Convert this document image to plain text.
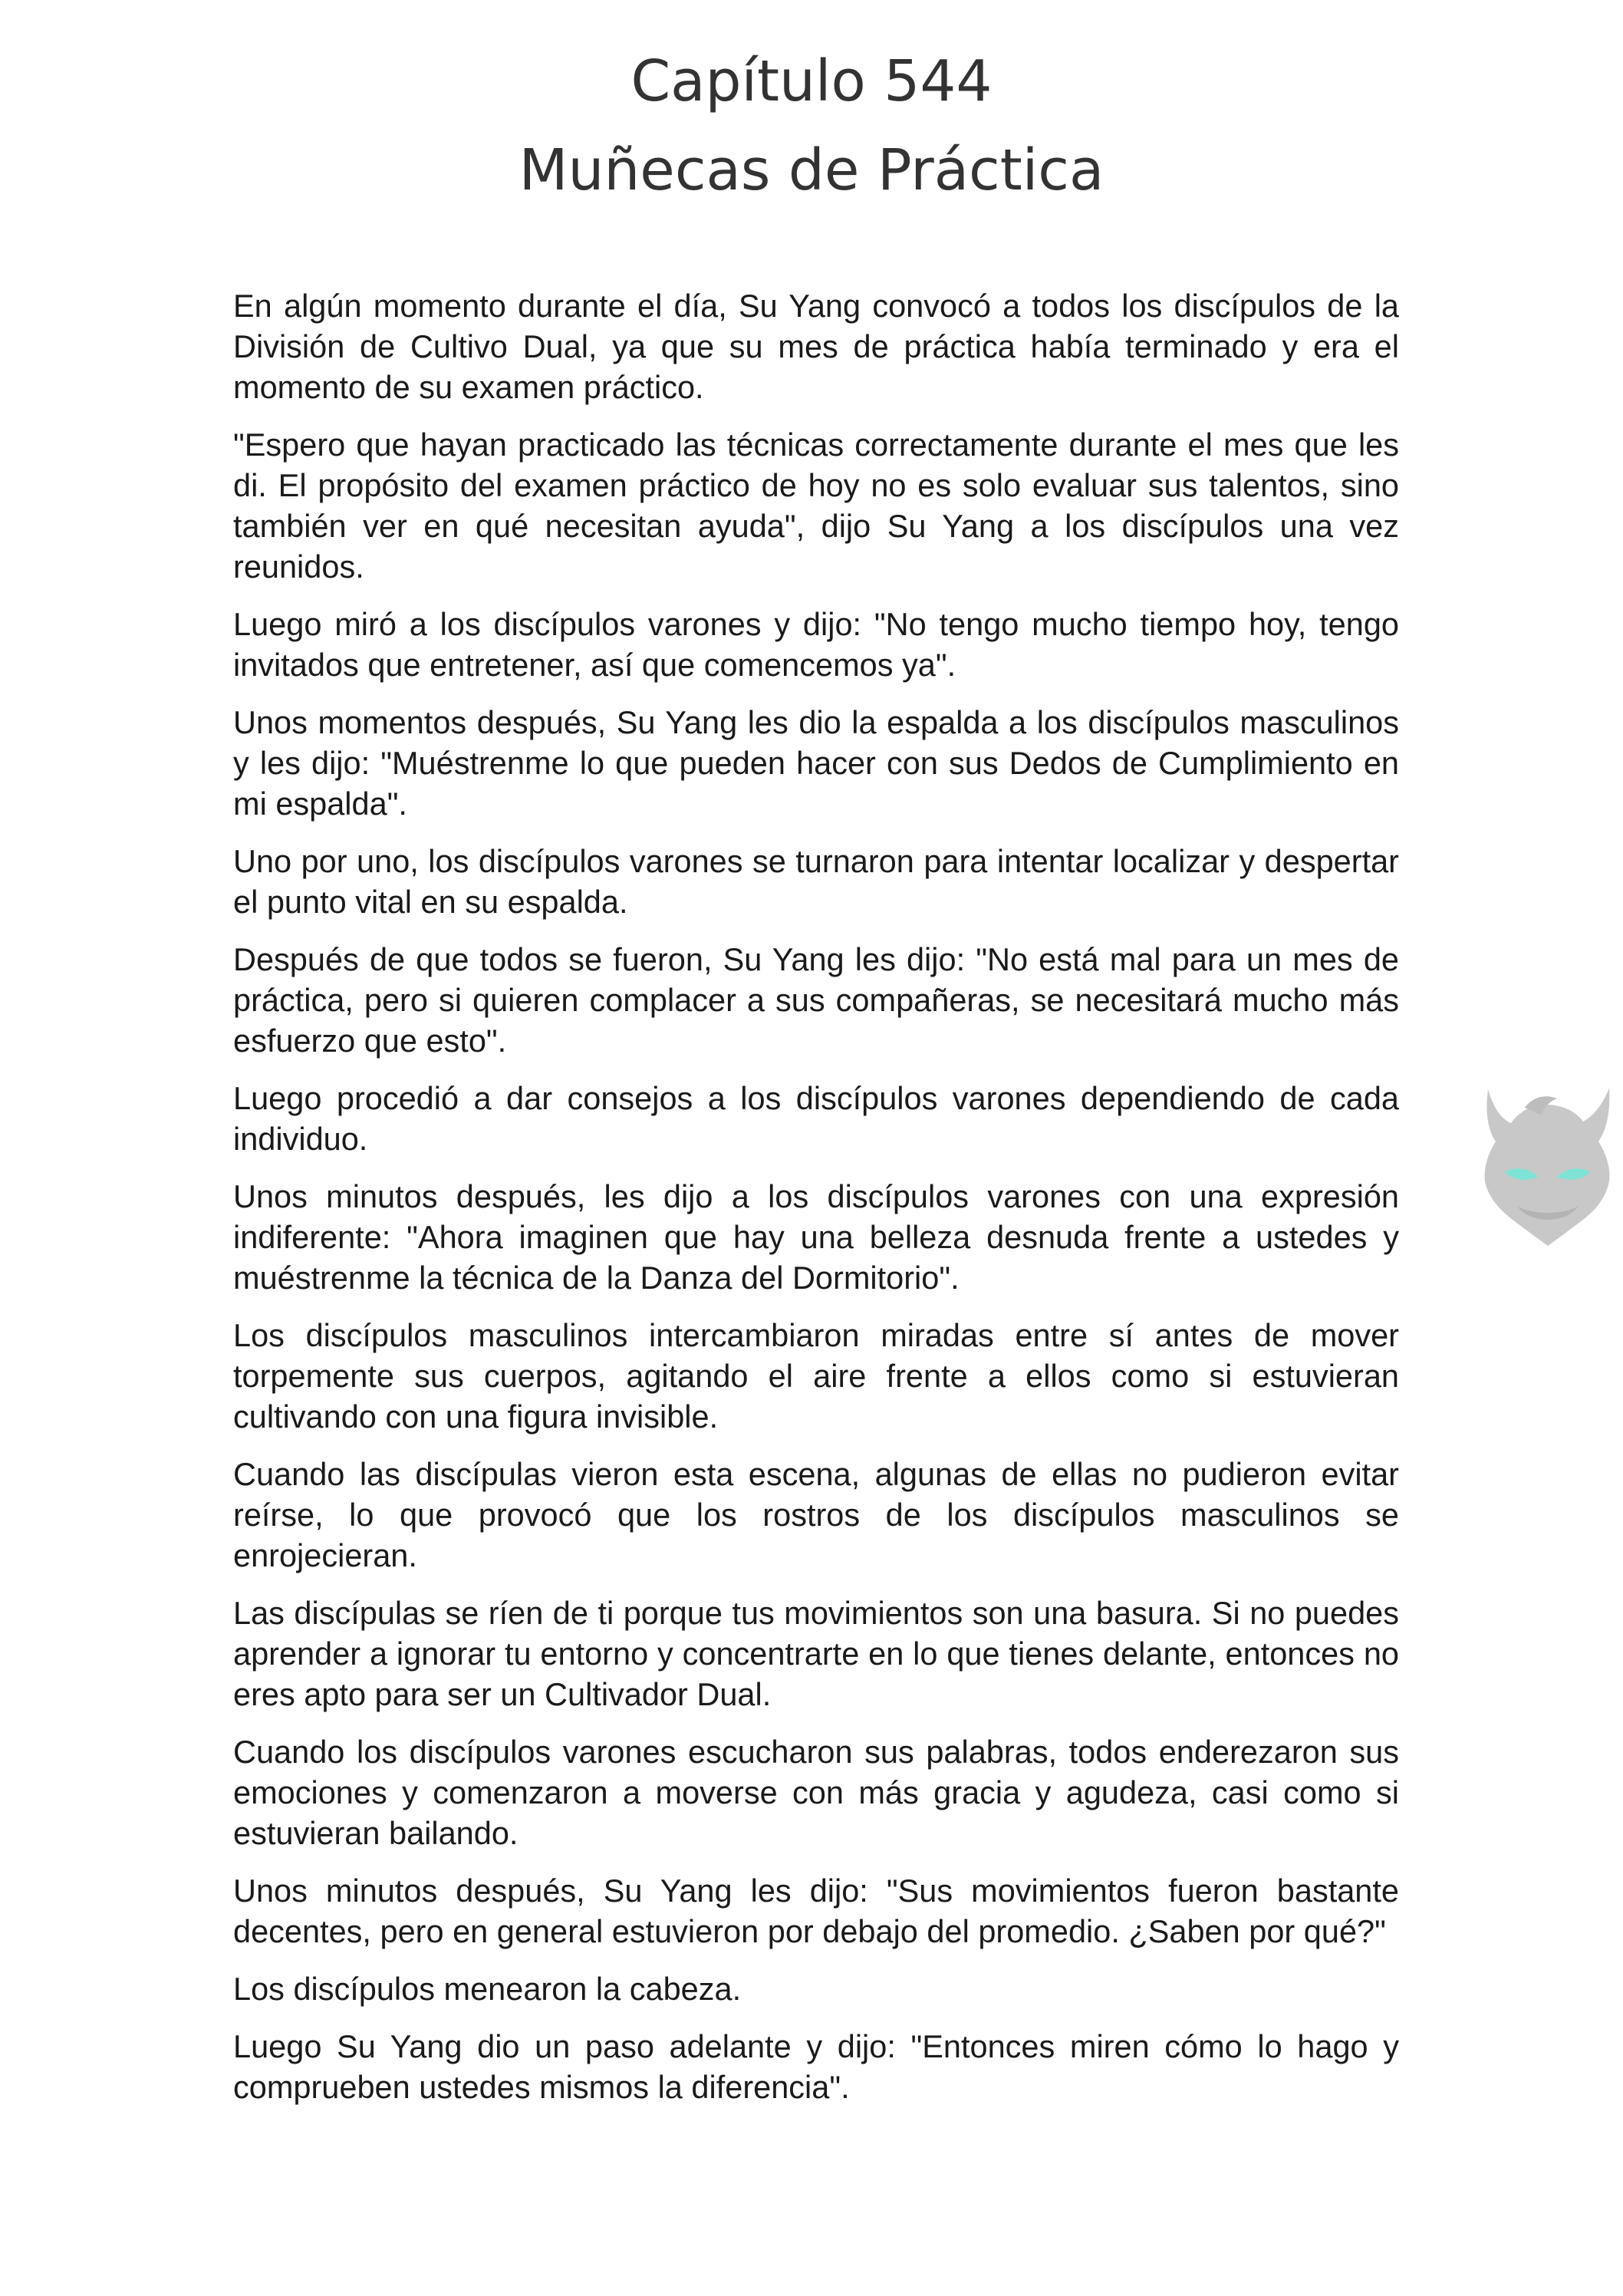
Capítulo 544
Muñecas de Práctica

En algún momento durante el día, Su Yang convocó a todos los discípulos de la División de Cultivo Dual, ya que su mes de práctica había terminado y era el momento de su examen práctico.

"Espero que hayan practicado las técnicas correctamente durante el mes que les di. El propósito del examen práctico de hoy no es solo evaluar sus talentos, sino también ver en qué necesitan ayuda", dijo Su Yang a los discípulos una vez reunidos.

Luego miró a los discípulos varones y dijo: "No tengo mucho tiempo hoy, tengo invitados que entretener, así que comencemos ya".

Unos momentos después, Su Yang les dio la espalda a los discípulos masculinos y les dijo: "Muéstrenme lo que pueden hacer con sus Dedos de Cumplimiento en mi espalda".

Uno por uno, los discípulos varones se turnaron para intentar localizar y despertar el punto vital en su espalda.

Después de que todos se fueron, Su Yang les dijo: "No está mal para un mes de práctica, pero si quieren complacer a sus compañeras, se necesitará mucho más esfuerzo que esto".

Luego procedió a dar consejos a los discípulos varones dependiendo de cada individuo.

Unos minutos después, les dijo a los discípulos varones con una expresión indiferente: "Ahora imaginen que hay una belleza desnuda frente a ustedes y muéstrenme la técnica de la Danza del Dormitorio".

Los discípulos masculinos intercambiaron miradas entre sí antes de mover torpemente sus cuerpos, agitando el aire frente a ellos como si estuvieran cultivando con una figura invisible.

Cuando las discípulas vieron esta escena, algunas de ellas no pudieron evitar reírse, lo que provocó que los rostros de los discípulos masculinos se enrojecieran.

Las discípulas se ríen de ti porque tus movimientos son una basura. Si no puedes aprender a ignorar tu entorno y concentrarte en lo que tienes delante, entonces no eres apto para ser un Cultivador Dual.

Cuando los discípulos varones escucharon sus palabras, todos enderezaron sus emociones y comenzaron a moverse con más gracia y agudeza, casi como si estuvieran bailando.

Unos minutos después, Su Yang les dijo: "Sus movimientos fueron bastante decentes, pero en general estuvieron por debajo del promedio. ¿Saben por qué?"

Los discípulos menearon la cabeza.

Luego Su Yang dio un paso adelante y dijo: "Entonces miren cómo lo hago y comprueben ustedes mismos la diferencia".
